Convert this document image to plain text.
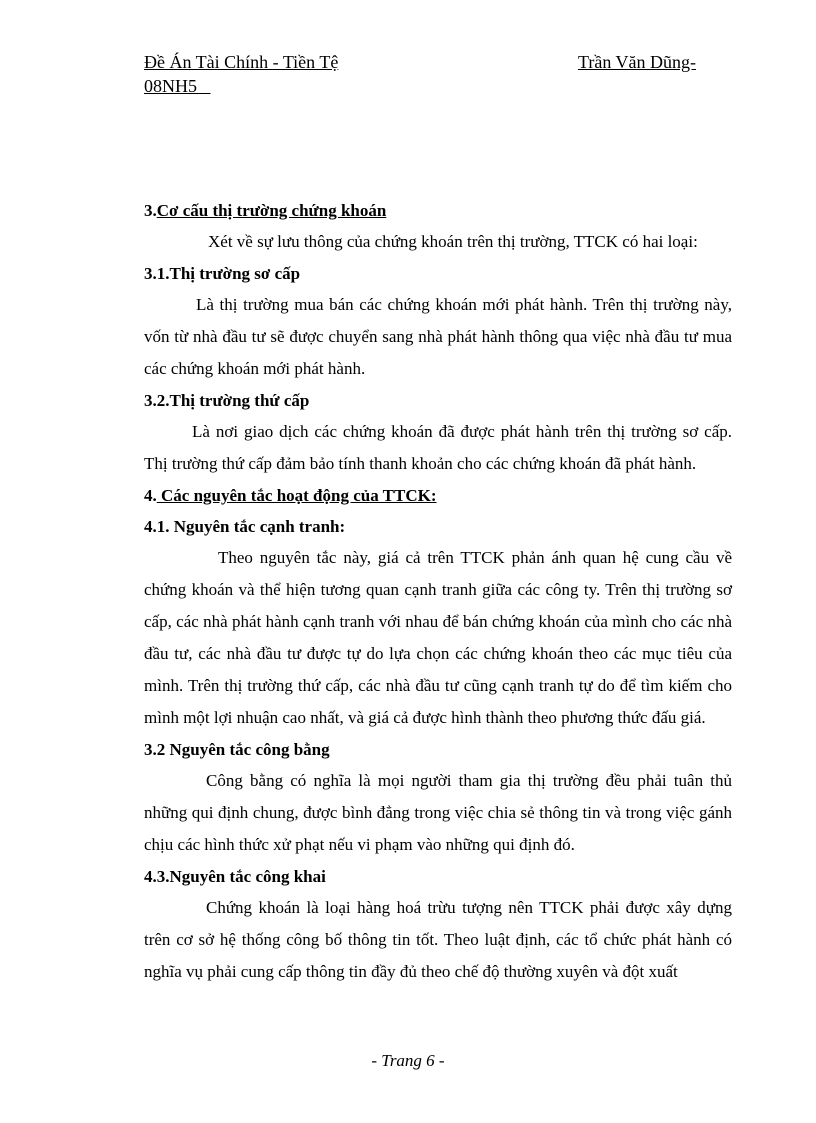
Đề Án Tài Chính - Tiền Tệ	Trần Văn Dũng-
08NH5

3.Cơ cấu thị trường chứng khoán

Xét về sự lưu thông của chứng khoán trên thị trường, TTCK có hai loại:

3.1.Thị trường sơ cấp

Là thị trường mua bán các chứng khoán mới phát hành. Trên thị trường này, vốn từ nhà đầu tư sẽ được chuyển sang nhà phát hành thông qua việc nhà đầu tư mua các chứng khoán mới phát hành.

3.2.Thị trường thứ cấp

Là nơi giao dịch các chứng khoán đã được phát hành trên thị trường sơ cấp. Thị trường thứ cấp đảm bảo tính thanh khoản cho các chứng khoán đã phát hành.

4. Các nguyên tắc hoạt động của TTCK:

4.1. Nguyên tắc cạnh tranh:

Theo nguyên tắc này, giá cả trên TTCK phản ánh quan hệ cung cầu về chứng khoán và thể hiện tương quan cạnh tranh giữa các công ty. Trên thị trường sơ cấp, các nhà phát hành cạnh tranh với nhau để bán chứng khoán của mình cho các nhà đầu tư, các nhà đầu tư được tự do lựa chọn các chứng khoán theo các mục tiêu của mình. Trên thị trường thứ cấp, các nhà đầu tư cũng cạnh tranh tự do để tìm kiếm cho mình một lợi nhuận cao nhất, và giá cả được hình thành theo phương thức đấu giá.

3.2 Nguyên tắc công bằng

Công bằng có nghĩa là mọi người tham gia thị trường đều phải tuân thủ những qui định chung, được bình đẳng trong việc chia sẻ thông tin và trong việc gánh chịu các hình thức xử phạt nếu vi phạm vào những qui định đó.

4.3.Nguyên tắc công khai

Chứng khoán là loại hàng hoá trừu tượng nên TTCK phải được xây dựng trên cơ sở hệ thống công bố thông tin tốt. Theo luật định, các tổ chức phát hành có nghĩa vụ phải cung cấp thông tin đầy đủ theo chế độ thường xuyên và đột xuất

- Trang 6 -
